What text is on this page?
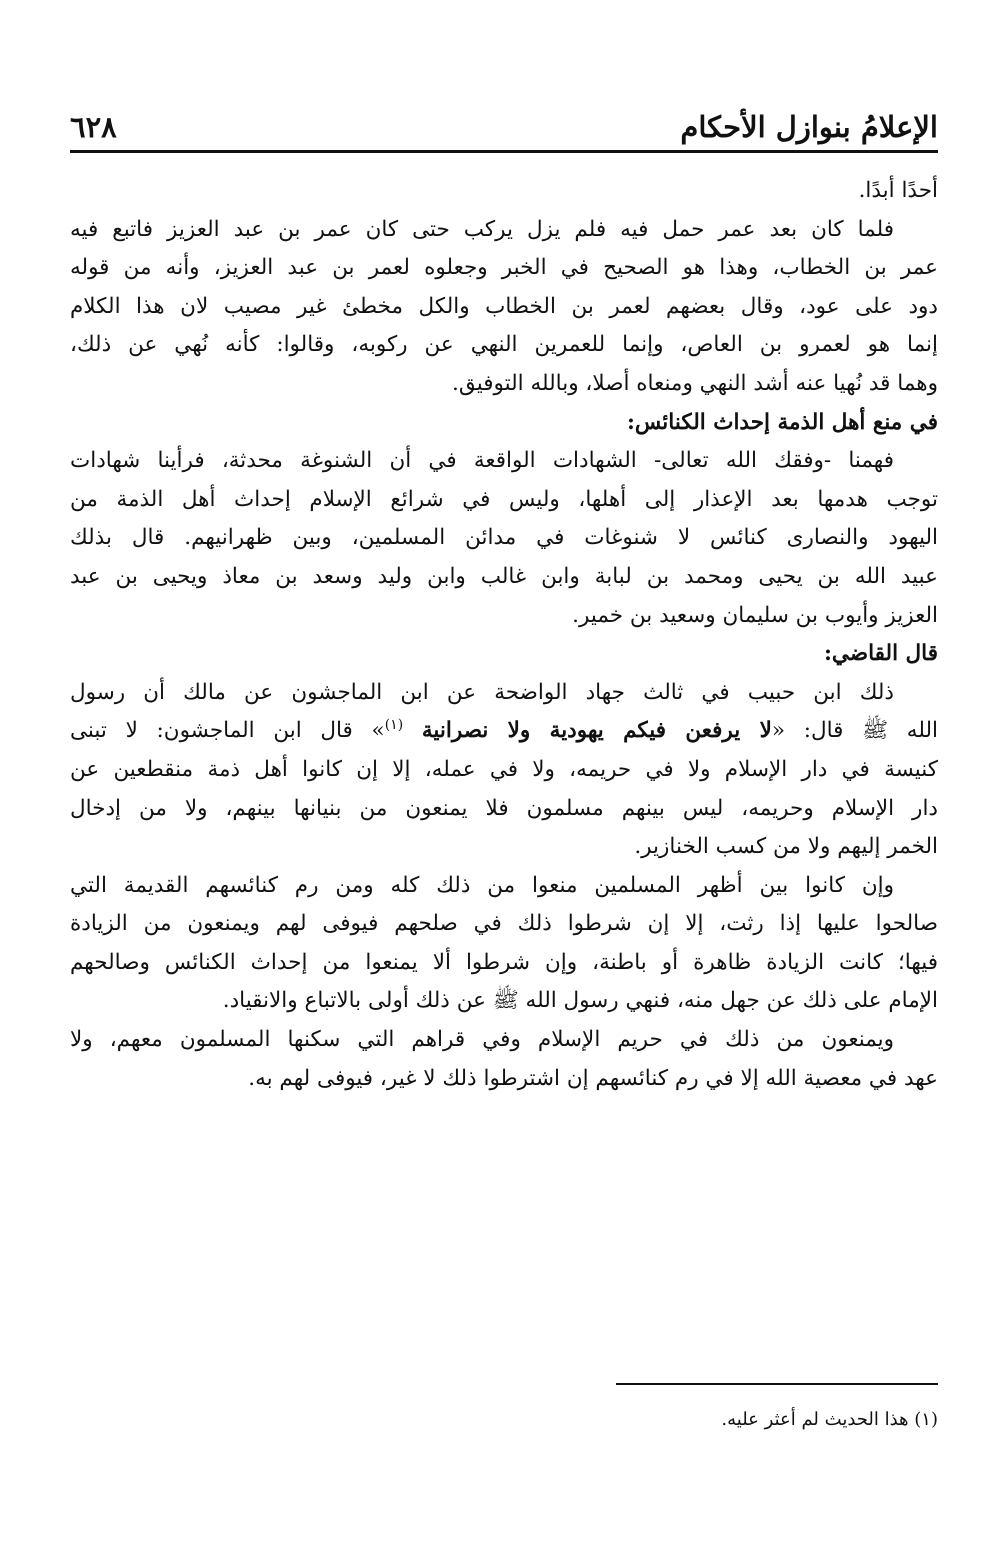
الإعلامُ بنوازل الأحكام
٦٢٨
أحدًا أبدًا.
فلما كان بعد عمر حمل فيه فلم يزل يركب حتى كان عمر بن عبد العزيز فاتبع فيه
عمر بن الخطاب، وهذا هو الصحيح في الخبر وجعلوه لعمر بن عبد العزيز، وأنه من قوله
دود على عود، وقال بعضهم لعمر بن الخطاب والكل مخطئ غير مصيب لان هذا الكلام
إنما هو لعمرو بن العاص، وإنما للعمرين النهي عن ركوبه، وقالوا: كأنه نُهي عن ذلك،
وهما قد نُهيا عنه أشد النهي ومنعاه أصلا، وبالله التوفيق.
في منع أهل الذمة إحداث الكنائس:
فهمنا -وفقك الله تعالى- الشهادات الواقعة في أن الشنوغة محدثة، فرأينا شهادات
توجب هدمها بعد الإعذار إلى أهلها، وليس في شرائع الإسلام إحداث أهل الذمة من
اليهود والنصارى كنائس لا شنوغات في مدائن المسلمين، وبين ظهرانيهم. قال بذلك
عبيد الله بن يحيى ومحمد بن لبابة وابن غالب وابن وليد وسعد بن معاذ ويحيى بن عبد
العزيز وأيوب بن سليمان وسعيد بن خمير.
قال القاضي:
ذلك ابن حبيب في ثالث جهاد الواضحة عن ابن الماجشون عن مالك أن رسول
الله ﷺ قال: «لا يرفعن فيكم يهودية ولا نصرانية $^{(١)}$» قال ابن الماجشون: لا تبنى
كنيسة في دار الإسلام ولا في حريمه، ولا في عمله، إلا إن كانوا أهل ذمة منقطعين عن
دار الإسلام وحريمه، ليس بينهم مسلمون فلا يمنعون من بنيانها بينهم، ولا من إدخال
الخمر إليهم ولا من كسب الخنازير.
وإن كانوا بين أظهر المسلمين منعوا من ذلك كله ومن رم كنائسهم القديمة التي
صالحوا عليها إذا رثت، إلا إن شرطوا ذلك في صلحهم فيوفى لهم ويمنعون من الزيادة
فيها؛ كانت الزيادة ظاهرة أو باطنة، وإن شرطوا ألا يمنعوا من إحداث الكنائس وصالحهم
الإمام على ذلك عن جهل منه، فنهي رسول الله ﷺ عن ذلك أولى بالاتباع والانقياد.
ويمنعون من ذلك في حريم الإسلام وفي قراهم التي سكنها المسلمون معهم، ولا
عهد في معصية الله إلا في رم كنائسهم إن اشترطوا ذلك لا غير، فيوفى لهم به.
(١) هذا الحديث لم أعثر عليه.
